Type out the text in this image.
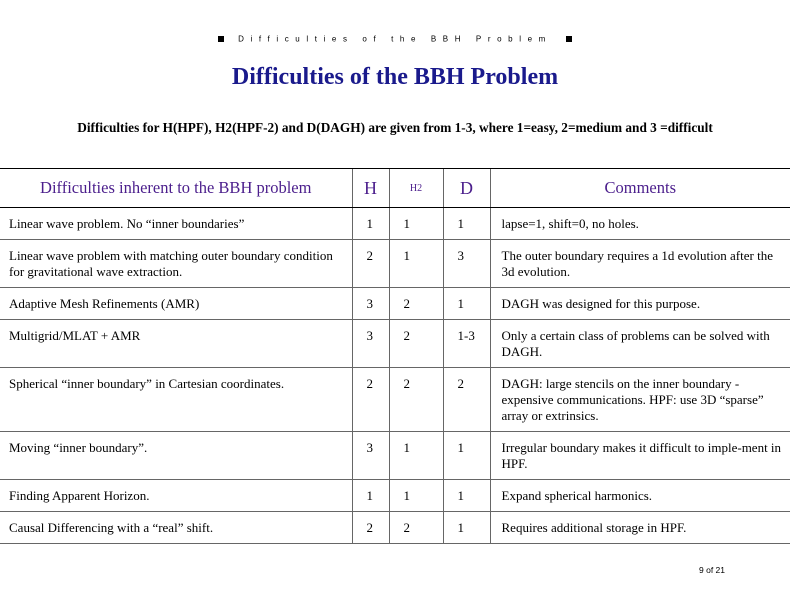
Difficulties of the BBH Problem
Difficulties of the BBH Problem
Difficulties for H(HPF), H2(HPF-2) and D(DAGH) are given from 1-3, where 1=easy, 2=medium and 3 =difficult
Difficulties inherent to the BBH problem	H	H2	D	Comments
Linear wave problem. No “inner boundaries”	1	1	1	lapse=1, shift=0, no holes.
Linear wave problem with matching outer boundary condition for gravitational wave extraction.	2	1	3	The outer boundary requires a 1d evolution after the 3d evolution.
Adaptive Mesh Refinements (AMR)	3	2	1	DAGH was designed for this purpose.
Multigrid/MLAT + AMR	3	2	1-3	Only a certain class of problems can be solved with DAGH.
Spherical “inner boundary” in Cartesian coordinates.	2	2	2	DAGH: large stencils on the inner boundary - expensive communications. HPF: use 3D “sparse” array or extrinsics.
Moving “inner boundary”.	3	1	1	Irregular boundary makes it difficult to imple-ment in HPF.
Finding Apparent Horizon.	1	1	1	Expand spherical harmonics.
Causal Differencing with a “real” shift.	2	2	1	Requires additional storage in HPF.
9 of 21
